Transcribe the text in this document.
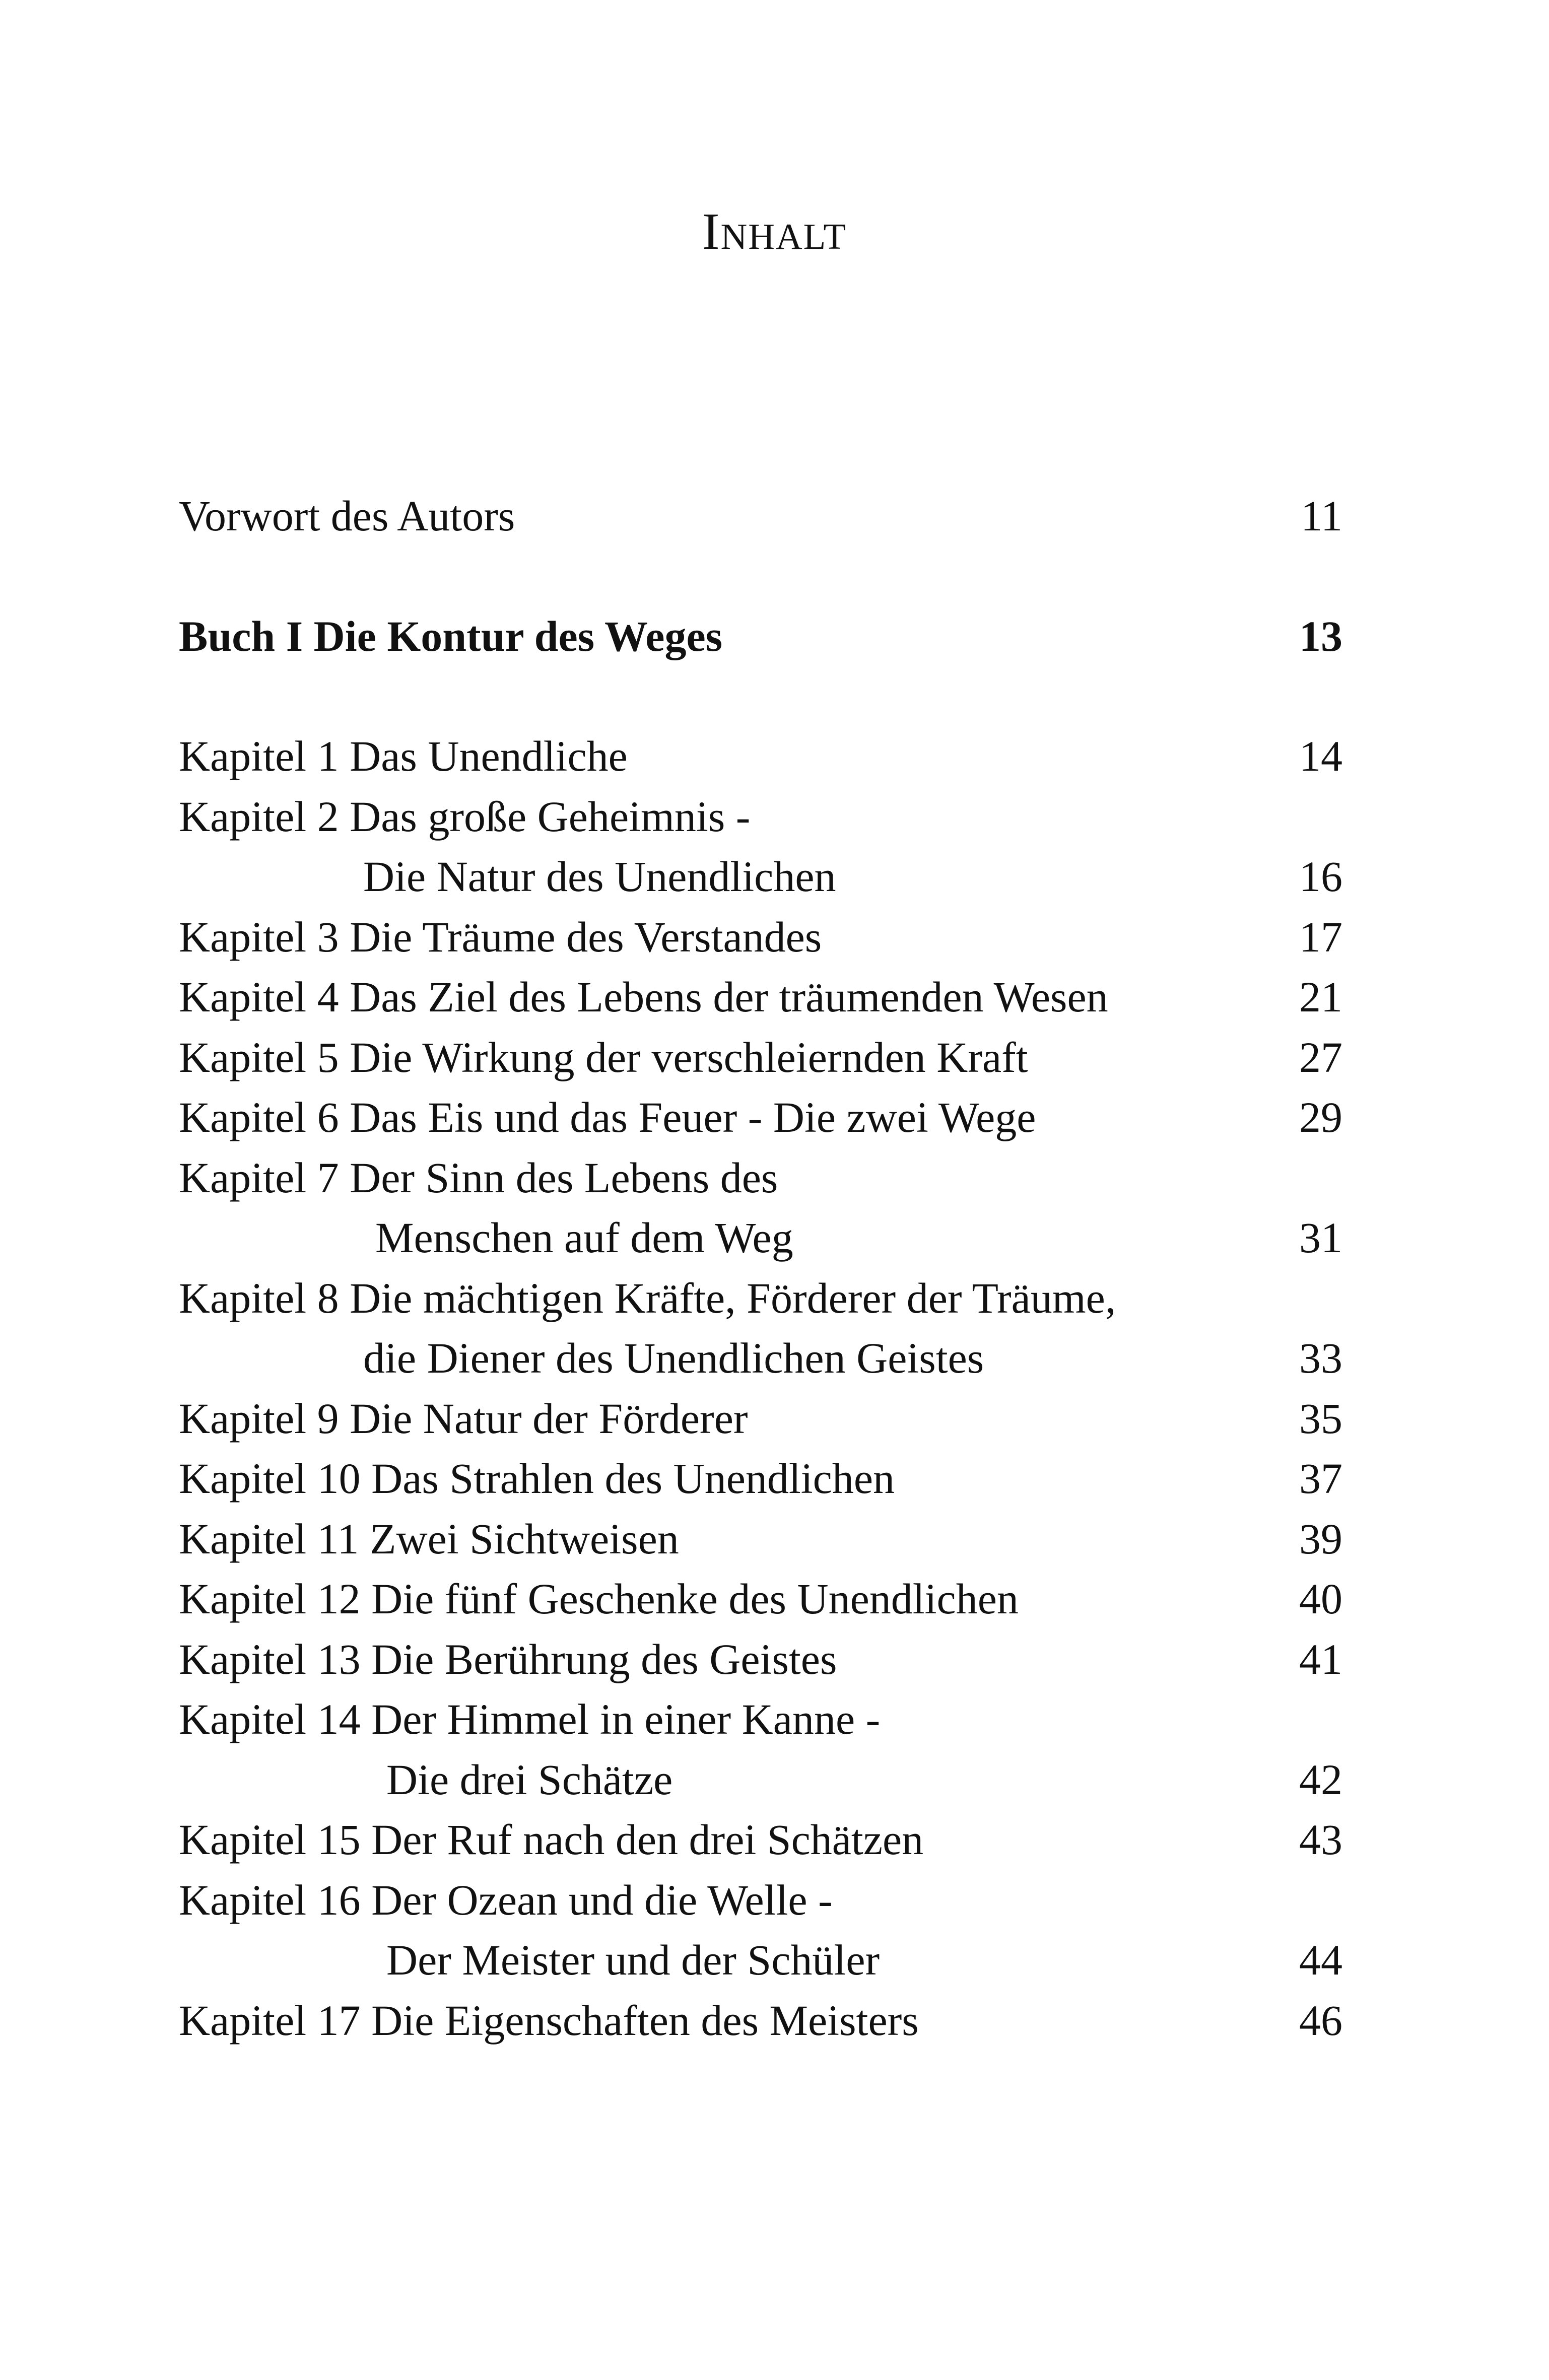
Inhalt
Vorwort des Autors	11
Buch I Die Kontur des Weges	13
Kapitel 1 Das Unendliche	14
Kapitel 2 Das große Geheimnis -
Die Natur des Unendlichen	16
Kapitel 3 Die Träume des Verstandes	17
Kapitel 4 Das Ziel des Lebens der träumenden Wesen	21
Kapitel 5 Die Wirkung der verschleiernden Kraft	27
Kapitel 6 Das Eis und das Feuer - Die zwei Wege	29
Kapitel 7 Der Sinn des Lebens des
Menschen auf dem Weg	31
Kapitel 8 Die mächtigen Kräfte, Förderer der Träume,
die Diener des Unendlichen Geistes	33
Kapitel 9 Die Natur der Förderer	35
Kapitel 10 Das Strahlen des Unendlichen	37
Kapitel 11 Zwei Sichtweisen	39
Kapitel 12 Die fünf Geschenke des Unendlichen	40
Kapitel 13 Die Berührung des Geistes	41
Kapitel 14 Der Himmel in einer Kanne -
Die drei Schätze	42
Kapitel 15 Der Ruf nach den drei Schätzen	43
Kapitel 16 Der Ozean und die Welle -
Der Meister und der Schüler	44
Kapitel 17 Die Eigenschaften des Meisters	46
